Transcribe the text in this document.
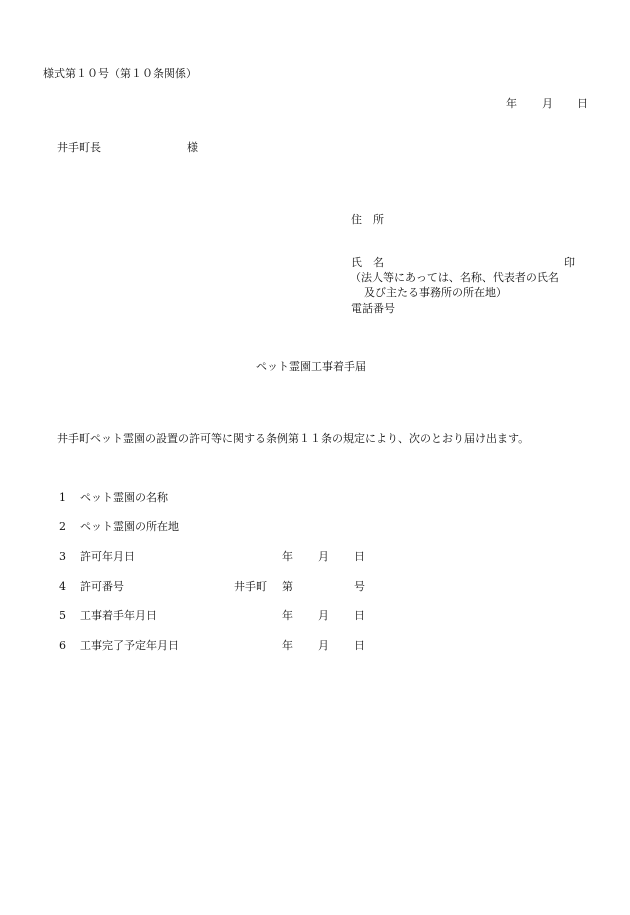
様式第１０号（第１０条関係）
年 月 日
井手町長	様
住　所
氏　名	印
（法人等にあっては、名称、代表者の氏名
及び主たる事務所の所在地）
電話番号
ペット霊園工事着手届
井手町ペット霊園の設置の許可等に関する条例第１１条の規定により、次のとおり届け出ます。
1 ペット霊園の名称
2 ペット霊園の所在地
3 許可年月日	年 月 日
4 許可番号	井手町 第	号
5 工事着手年月日	年 月 日
6 工事完了予定年月日	年 月 日
